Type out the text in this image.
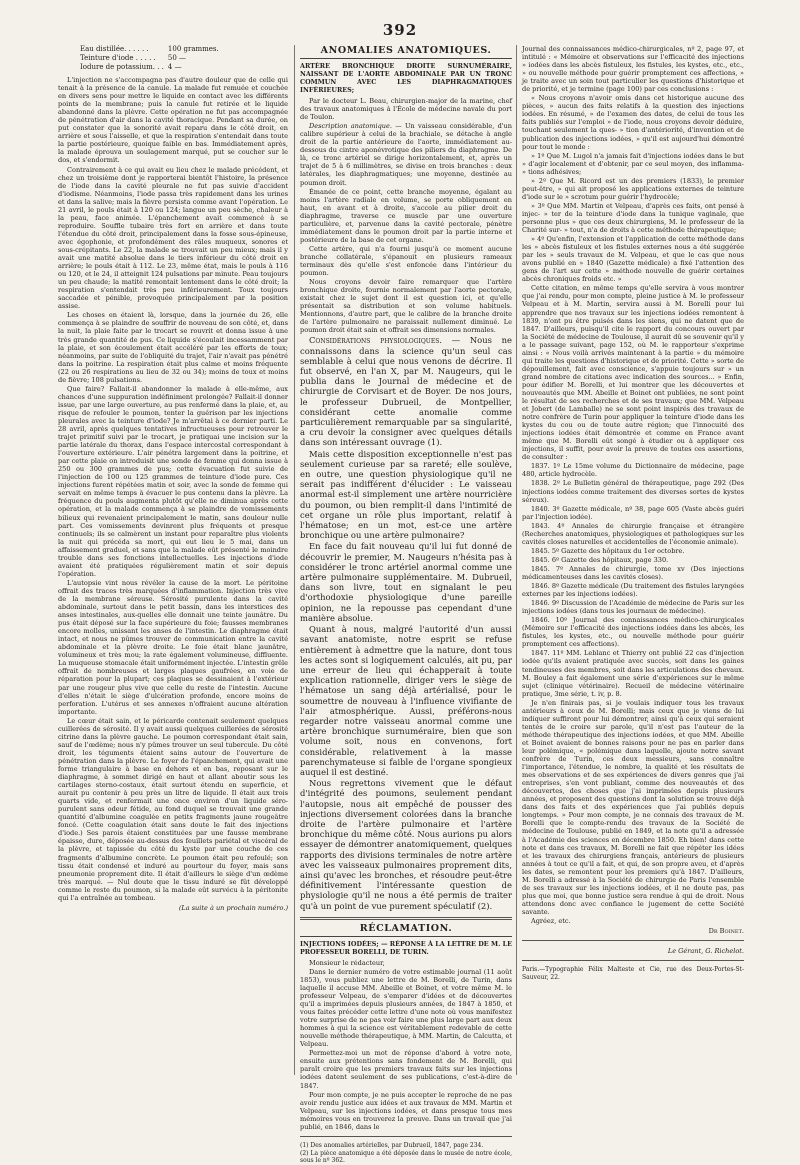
392
Eau distillée. . . . . .	100 grammes.
Teinture d'iode . . . . .	50 —
Iodure de potassium. . .	4 —

L'injection ne s'accompagna pas d'autre douleur que de celle qui tenait à la présence de la canule. La malade fut remuée et couchée en divers sens pour mettre le liquide en contact avec les différents points de la membrane; puis la canule fut retirée et le liquide abandonné dans la plèvre. Cette opération ne fut pas accompagnée de pénétration d'air dans la cavité thoracique. Pendant sa durée, on put constater que la sonorité avait reparu dans le côté droit, en arrière et sous l'aisselle, et que la respiration s'entendait dans toute la partie postérieure, quoique faible en bas. Immédiatement après, la malade éprouva un soulagement marqué, put se coucher sur le dos, et s'endormit.

Contrairement à ce qui avait eu lieu chez le malade précédent, et chez un troisième dont je rapporterai bientôt l'histoire, la présence de l'iode dans la cavité pleurale ne fut pas suivie d'accident d'iodisme. Néanmoins, l'iode passa très rapidement dans les urines et dans la salive; mais la fièvre persista comme avant l'opération. Le 21 avril, le pouls était à 120 ou 124; langue un peu sèche, chaleur à la peau, face animée. L'épanchement avait commencé à se reproduire. Souffle tubaire très fort en arrière et dans toute l'étendue du côté droit, principalement dans la fosse sous-épineuse, avec égophonie, et profondément des râles muqueux, sonores et sous-crépitants. Le 22, la malade se trouvait un peu mieux; mais il y avait une matité absolue dans le tiers inférieur du côté droit en arrière; le pouls était à 112. Le 23, même état, mais le pouls à 116 ou 120, et le 24, il atteignit 124 pulsations par minute. Peau toujours un peu chaude; la matité remontait lentement dans le côté droit; la respiration s'entendait très peu inférieurement. Toux toujours saccadée et pénible, provoquée principalement par la position assise.

Les choses en étaient là, lorsque, dans la journée du 26, elle commença à se plaindre de souffrir de nouveau de son côté, et, dans la nuit, la plaie faite par le trocart se rouvrit et donna issue à une très grande quantité de pus. Ce liquide s'écoulait incessamment par la plaie, et son écoulement était accéléré par les efforts de toux; néanmoins, par suite de l'obliquité du trajet, l'air n'avait pas pénétré dans la poitrine. La respiration était plus calme et moins fréquente (22 ou 26 respirations au lieu de 32 ou 34); moins de toux et moins de fièvre; 108 pulsations.

Que faire? Fallait-il abandonner la malade à elle-même, aux chances d'une suppuration indéfiniment prolongée? Fallait-il donner issue, par une large ouverture, au pus renfermé dans la plaie, et, au risque de refouler le poumon, tenter la guérison par les injections pleurales avec la teinture d'iode? Je m'arrêtai à ce dernier parti. Le 28 avril, après quelques tentatives infructueuses pour retrouver le trajet primitif suivi par le trocart, je pratiquai une incision sur la partie latérale du thorax, dans l'espace intercostal correspondant à l'ouverture extérieure. L'air pénétra largement dans la poitrine, et par cette plaie on introduisit une sonde de femme qui donna issue à 250 ou 300 grammes de pus; cette évacuation fut suivie de l'injection de 100 ou 125 grammes de teinture d'iode pure. Ces injections furent répétées matin et soir, avec la sonde de femme qui servait en même temps à évacuer le pus contenu dans la plèvre. La fréquence du pouls augmenta plutôt qu'elle ne diminua après cette opération, et la malade commença à se plaindre de vomissements bilieux qui revenaient principalement le matin, sans douleur nulle part. Ces vomissements devinrent plus fréquents et presque continuels; ils se calmèrent un instant pour reparaître plus violents la nuit qui précéda sa mort, qui eut lieu le 5 mai, dans un affaissement graduel, et sans que la malade eût présenté le moindre trouble dans ses fonctions intellectuelles. Les injections d'iode avaient été pratiquées régulièrement matin et soir depuis l'opération.

L'autopsie vint nous révéler la cause de la mort. Le péritoine offrait des traces très marquées d'inflammation. Injection très vive de la membrane séreuse. Sérosité purulente dans la cavité abdominale, surtout dans le petit bassin, dans les interstices des anses intestinales, aux-quelles elle donnait une teinte jaunâtre. Du pus était déposé sur la face supérieure du foie; fausses membranes encore molles, unissant les anses de l'intestin. Le diaphragme était intact, et nous ne pûmes trouver de communication entre la cavité abdominale et la plèvre droite. Le foie était blanc jaunâtre, volumineux et très mou; la rate également volumineuse, diffluente. La muqueuse stomacale était uniformément injectée. L'intestin grêle offrait de nombreuses et larges plaques gaufrées, en voie de réparation pour la plupart; ces plaques se dessinaient à l'extérieur par une rougeur plus vive que celle du reste de l'intestin. Aucune d'elles n'était le siège d'ulcération profonde, encore moins de perforation. L'utérus et ses annexes n'offraient aucune altération importante.

Le cœur était sain, et le péricarde contenait seulement quelques cuillerées de sérosité. Il y avait aussi quelques cuillerées de sérosité citrine dans la plèvre gauche. Le poumon correspondant était sain, sauf de l'œdème; nous n'y pûmes trouver un seul tubercule. Du côté droit, les téguments étaient sains autour de l'ouverture de pénétration dans la plèvre. Le foyer de l'épanchement, qui avait une forme triangulaire à base en dehors et en bas, reposant sur le diaphragme, à sommet dirigé en haut et allant aboutir sous les cartilages sterno-costaux, était surtout étendu en superficie, et aurait pu contenir à peu près un litre de liquide. Il était aux trois quarts vide, et renfermait une once environ d'un liquide séro-purulent sans odeur fétide, au fond duquel se trouvait une grande quantité d'albumine coagulée en petits fragments jaune rougeâtre foncé. (Cette coagulation était sans doute le fait des injections d'iode.) Ses parois étaient constituées par une fausse membrane épaisse, dure, déposée au-dessus des feuillets pariétal et viscéral de la plèvre, et tapissée du côté du kyste par une couche de ces fragments d'albumine concrète. Le poumon était peu refoulé; son tissu était condensé et induré au pourtour du foyer, mais sans pneumonie proprement dite. Il était d'ailleurs le siège d'un œdème très marqué. — Nul doute que le tissu induré se fût développé comme le reste du poumon, si la malade eût survécu à la péritonite qui l'a entraînée au tombeau.

(La suite à un prochain numéro.)
ANOMALIES ANATOMIQUES.
ARTÈRE BRONCHIQUE DROITE SURNUMÉRAIRE, NAISSANT DE L'AORTE ABDOMINALE PAR UN TRONC COMMUN AVEC LES DIAPHRAGMATIQUES INFÉRIEURES;

Par le docteur L. Beau, chirurgien-major de la marine, chef des travaux anatomiques à l'École de médecine navale du port de Toulon.

Description anatomique. — Un vaisseau considérable, d'un calibre supérieur à celui de la brachiale, se détache à angle droit de la partie antérieure de l'aorte, immédiatement au-dessous du cintre aponévrotique des piliers du diaphragme. De là, ce tronc artériel se dirige horizontalement, et, après un trajet de 5 à 6 millimètres, se divise en trois branches : deux latérales, les diaphragmatiques; une moyenne, destinée au poumon droit.

Émanée de ce point, cette branche moyenne, égalant au moins l'artère radiale en volume, se porte obliquement en haut, en avant et à droite, s'accole au pilier droit du diaphragme, traverse ce muscle par une ouverture particulière, et, parvenue dans la cavité pectorale, pénètre immédiatement dans le poumon droit par la partie interne et postérieure de la base de cet organe.

Cette artère, qui n'a fourni jusqu'à ce moment aucune branche collatérale, s'épanouit en plusieurs rameaux terminaux dès qu'elle s'est enfoncée dans l'intérieur du poumon.

Nous croyons devoir faire remarquer que l'artère bronchique droite, fournie normalement par l'aorte pectorale, existait chez le sujet dont il est question ici, et qu'elle présentait sa distribution et son volume habituels. Mentionnons, d'autre part, que le calibre de la branche droite de l'artère pulmonaire ne paraissait nullement diminué. Le poumon droit était sain et offrait ses dimensions normales.

Considérations physiologiques. — Nous ne connaissons dans la science qu'un seul cas semblable à celui que nous venons de décrire. Il fut observé, en l'an X, par M. Naugeurs, qui le publia dans le Journal de médecine et de chirurgie de Corvisart et de Boyer. De nos jours, le professeur Dubrueil, de Montpellier, considérant cette anomalie comme particulièrement remarquable par sa singularité, a cru devoir la consigner avec quelques détails dans son intéressant ouvrage (1).

Mais cette disposition exceptionnelle n'est pas seulement curieuse par sa rareté; elle soulève, en outre, une question physiologique qu'il ne serait pas indifférent d'élucider : Le vaisseau anormal est-il simplement une artère nourricière du poumon, ou bien remplit-il dans l'intimité de cet organe un rôle plus important, relatif à l'hématose; en un mot, est-ce une artère bronchique ou une artère pulmonaire?

En face du fait nouveau qu'il lui fut donné de découvrir le premier, M. Naugeurs n'hésita pas à considérer le tronc artériel anormal comme une artère pulmonaire supplémentaire. M. Dubrueil, dans son livre, tout en signalant le peu d'orthodoxie physiologique d'une pareille opinion, ne la repousse pas cependant d'une manière absolue.

Quant à nous, malgré l'autorité d'un aussi savant anatomiste, notre esprit se refuse entièrement à admettre que la nature, dont tous les actes sont si logiquement calculés, ait pu, par une erreur de lieu qui échapperait à toute explication rationnelle, diriger vers le siège de l'hématose un sang déjà artérialisé, pour le soumettre de nouveau à l'influence vivifiante de l'air atmosphérique. Aussi, préférons-nous regarder notre vaisseau anormal comme une artère bronchique surnuméraire, bien que son volume soit, nous en convenons, fort considérable, relativement à la masse parenchymateuse si faible de l'organe spongieux auquel il est destiné.

Nous regrettons vivement que le défaut d'intégrité des poumons, seulement pendant l'autopsie, nous ait empêché de pousser des injections diversement colorées dans la branche droite de l'artère pulmonaire et l'artère bronchique du même côté. Nous aurions pu alors essayer de démontrer anatomiquement, quelques rapports des divisions terminales de notre artère avec les vaisseaux pulmonaires proprement dits, ainsi qu'avec les bronches, et résoudre peut-être définitivement l'intéressante question de physiologie qu'il ne nous a été permis de traiter qu'à un point de vue purement spéculatif (2).

RÉCLAMATION.
INJECTIONS IODÉES; — RÉPONSE À LA LETTRE DE M. LE PROFESSEUR BORELLI, DE TURIN.

Monsieur le rédacteur,

Dans le dernier numéro de votre estimable journal (11 août 1853), vous publiez une lettre de M. Borelli, de Turin, dans laquelle il accuse MM. Abeille et Boinet, et votre même M. le professeur Velpeau, de s'emparer d'idées et de découvertes qu'il a imprimées depuis plusieurs années, de 1847 à 1850, et vous faites précéder cette lettre d'une note où vous manifestez votre surprise de ne pas voir faire une plus large part aux deux hommes à qui la science est véritablement redevable de cette nouvelle méthode thérapeutique, à MM. Martin, de Calcutta, et Velpeau.

Permettez-moi un mot de réponse d'abord à votre note, ensuite aux prétentions sans fondement de M. Borelli, qui paraît croire que les premiers travaux faits sur les injections iodées datent seulement de ses publications, c'est-à-dire de 1847.

Pour mon compte, je ne puis accepter le reproche de ne pas avoir rendu justice aux idées et aux travaux de MM. Martin et Velpeau, sur les injections iodées, et dans presque tous mes mémoires vous en trouverez la preuve. Dans un travail que j'ai publié, en 1846, dans le

(1) Des anomalies artérielles, par Dubrueil, 1847, page 234.

(2) La pièce anatomique a été déposée dans le musée de notre école, sous le nº 362.

Journal des connaissances médico-chirurgicales, nº 2, page 97, et intitulé : « Mémoire et observations sur l'efficacité des injections » iodées dans les abcès fistuleux, les fistules, les kystes, etc., etc., » ou nouvelle méthode pour guérir promptement ces affections, » je traite avec un soin tout particulier les questions d'historique et de priorité, et je termine (page 100) par ces conclusions :

« Nous croyons n'avoir omis dans cet historique aucune des pièces, » aucun des faits relatifs à la question des injections iodées. En résumé, » de l'examen des dates, de celui de tous les faits publiés sur l'emploi » de l'iode, nous croyons devoir déduire, touchant seulement la ques- » tion d'antériorité, d'invention et de publication des injections iodées, » qu'il est aujourd'hui démontré pour tout le monde :

» 1º Que M. Lugol n'a jamais fait d'injections iodées dans le but » d'agir localement et d'obtenir, par ce seul moyen, des inflamma- » tions adhésives;

» 2º Que M. Ricord est un des premiers (1833), le premier peut-être, » qui ait proposé les applications externes de teinture d'iode sur le » scrotum pour guérir l'hydrocèle;

» 3º Que MM. Martin et Velpeau, d'après ces faits, ont pensé à injec- » ter de la teinture d'iode dans la tunique vaginale, que personne plus » que ces deux chirurgiens, M. le professeur de la Charité sur- » tout, n'a de droits à cette méthode thérapeutique;

» 4º Qu'enfin, l'extension et l'application de cette méthode dans les » abcès fistuleux et les fistules externes nous a été suggérée par les » seuls travaux de M. Velpeau, et que le cas que nous avons publié en » 1840 (Gazette médicale) a fixé l'attention des gens de l'art sur cette » méthode nouvelle de guérir certaines abcès chroniques froids etc. »

Cette citation, en même temps qu'elle servira à vous montrer que j'ai rendu, pour mon compte, pleine justice à M. le professeur Velpeau et à M. Martin, servira aussi à M. Borelli pour lui apprendre que nos travaux sur les injections iodées remontent à 1839, n'ont pu être puisés dans les siens, qui ne datent que de 1847. D'ailleurs, puisqu'il cite le rapport du concours ouvert par la Société de médecine de Toulouse, il aurait dû se souvenir qu'il y a le passage suivant, page 152, où M. le rapporteur s'exprime ainsi : « Nous voilà arrivés maintenant à la partie » du mémoire qui traite les questions d'historique et de priorité. Cette » sorte de dépouillement, fait avec conscience, s'appuie toujours sur » un grand nombre de citations avec indication des sources... » Enfin, pour édifier M. Borelli, et lui montrer que les découvertes et nouveautés que MM. Abeille et Boinet ont publiées, ne sont point le résultat de ses recherches et de ses travaux; que MM. Velpeau et Jobert (de Lamballe) ne se sont point inspirés des travaux de notre confrère de Turin pour appliquer la teinture d'iode dans les kystes du cou ou de toute autre région; que l'innocuité des injections iodées était démontrée et comme en France avant même que M. Borelli eût songé à étudier ou à appliquer ces injections, il suffit, pour avoir la preuve de toutes ces assertions, de consulter :

1837. 1º Le 15me volume du Dictionnaire de médecine, page 480, article hydrocèle.

1838. 2º Le Bulletin général de thérapeutique, page 292 (Des injections iodées comme traitement des diverses sortes de kystes séreux).

1840. 3º Gazette médicale, nº 38, page 605 (Vaste abcès guéri par l'injection iodée).

1843. 4º Annales de chirurgie française et étrangère (Recherches anatomiques, physiologiques et pathologiques sur les cavités closes naturelles et accidentelles de l'économie animale).

1845. 5º Gazette des hôpitaux du 1er octobre.

1845. 6º Gazette des hôpitaux, page 330.

1845. 7º Annales de chirurgie, tome xv (Des injections médicamenteuses dans les cavités closes).

1846. 8º Gazette médicale (Du traitement des fistules laryngées externes par les injections iodées).

1846. 9º Discussion de l'Académie de médecine de Paris sur les injections iodées (dans tous les journaux de médecine).

1846. 10º Journal des connaissances médico-chirurgicales (Mémoire sur l'efficacité des injections iodées dans les abcès, les fistules, les kystes, etc., ou nouvelle méthode pour guérir promptement ces affections).

1847. 11º MM. Leblanc et Thierry ont publié 22 cas d'injection iodée qu'ils avaient pratiquée avec succès, soit dans les gaines tendineuses des membres, soit dans les articulations des chevaux. M. Bouley a fait également une série d'expériences sur le même sujet (clinique vétérinaire). Recueil de médecine vétérinaire pratique, 3me série, t. iv, p. 8.

Je n'en finirais pas, si je voulais indiquer tous les travaux antérieurs à ceux de M. Borelli; mais ceux que je viens de lui indiquer suffiront pour lui démontrer, ainsi qu'à ceux qui seraient tentés de le croire sur parole, qu'il n'est pas l'auteur de la méthode thérapeutique des injections iodées, et que MM. Abeille et Boinet avaient de bonnes raisons pour ne pas en parler dans leur polémique, « polémique dans laquelle, ajoute notre savant confrère de Turin, ces deux messieurs, sans connaître l'importance, l'étendue, le nombre, la qualité et les résultats de mes observations et de ses expériences de divers genres que j'ai entreprises, s'en vont publiant, comme des nouveautés et des découvertes, des choses que j'ai imprimées depuis plusieurs années, et proposent des questions dont la solution se trouve déjà dans des faits et des expériences que j'ai publiés depuis longtemps. » Pour mon compte, je ne connais des travaux de M. Borelli que le compte-rendu des travaux de la Société de médecine de Toulouse, publié en 1849, et la note qu'il a adressée à l'Académie des sciences en décembre 1850. Eh bien! dans cette note et dans ces travaux, M. Borelli ne fait que répéter les idées et les travaux des chirurgiens français, antérieurs de plusieurs années à tout ce qu'il a fait, et qui, de son propre aveu, et d'après les dates, se remontent pour les premiers qu'à 1847. D'ailleurs, M. Borelli a adressé à la Société de chirurgie de Paris l'ensemble de ses travaux sur les injections iodées, et il ne doute pas, pas plus que moi, que bonne justice sera rendue à qui de droit. Nous attendons donc avec confiance le jugement de cette Société savante.

Agréez, etc.

Dr Boinet.
Le Gérant, G. Richelot.

Paris.—Typographie Félix Malteste et Cie, rue des Deux-Portes-St-Sauveur, 22.
